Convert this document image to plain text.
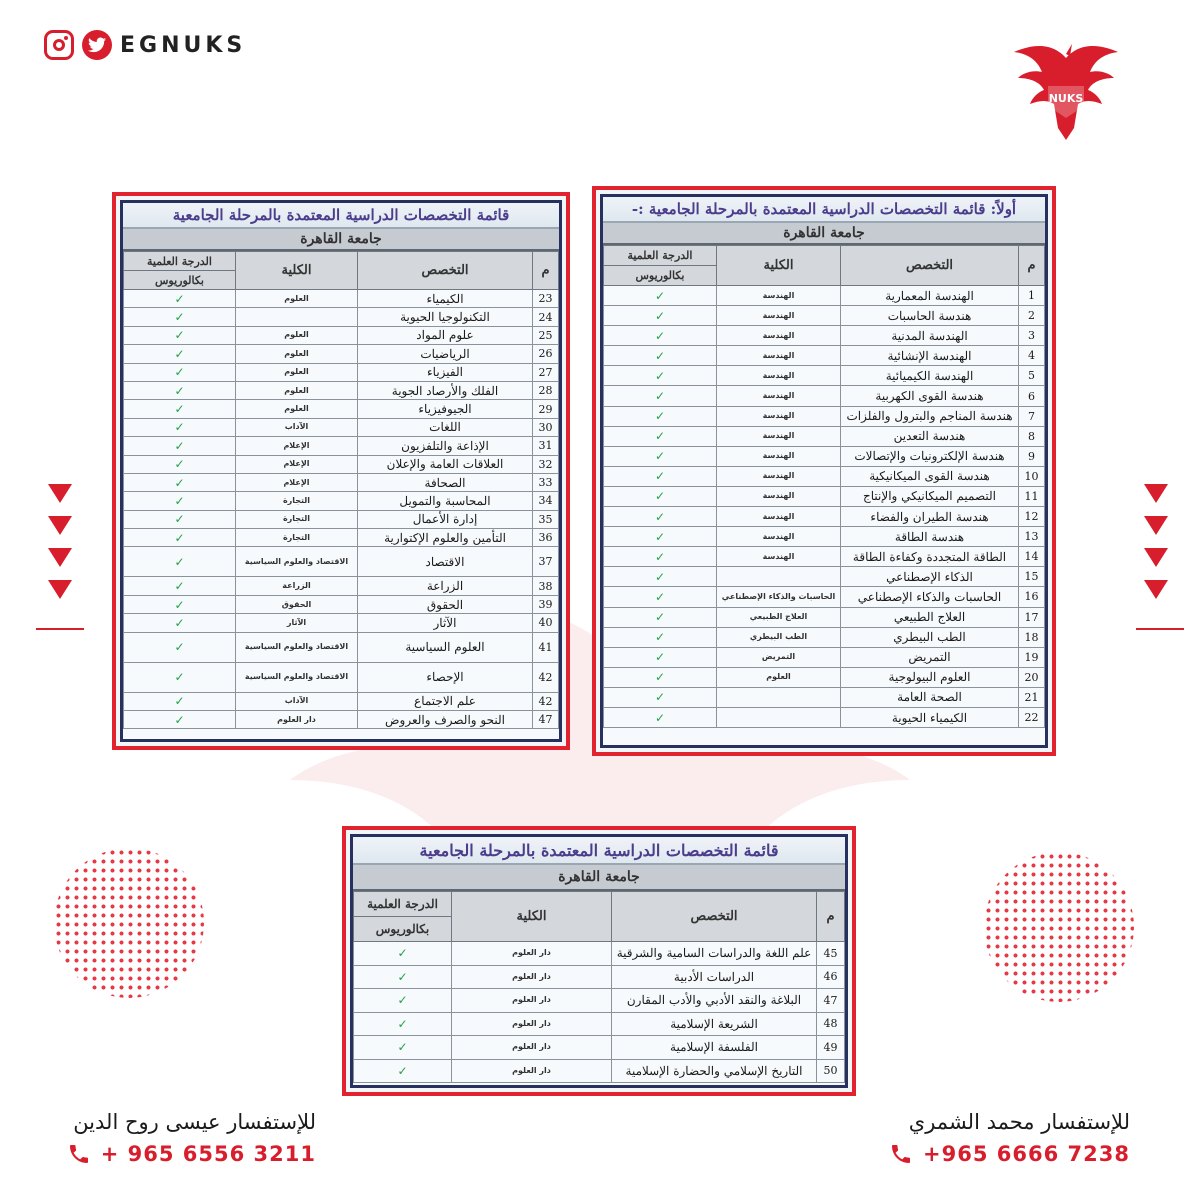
EGNUKS
NUKS
قائمة التخصصات الدراسية المعتمدة بالمرحلة الجامعية
جامعة القاهرة
م	التخصص	الكلية	الدرجة العلمية
			بكالوريوس
23	الكيمياء	العلوم	✓
24	التكنولوجيا الحيوية		✓
25	علوم المواد	العلوم	✓
26	الرياضيات	العلوم	✓
27	الفيزياء	العلوم	✓
28	الفلك والأرصاد الجوية	العلوم	✓
29	الجيوفيزياء	العلوم	✓
30	اللغات	الآداب	✓
31	الإذاعة والتلفزيون	الإعلام	✓
32	العلاقات العامة والإعلان	الإعلام	✓
33	الصحافة	الإعلام	✓
34	المحاسبة والتمويل	التجارة	✓
35	إدارة الأعمال	التجارة	✓
36	التأمين والعلوم الإكتوارية	التجارة	✓
37	الاقتصاد	الاقتصاد والعلوم السياسية	✓
38	الزراعة	الزراعة	✓
39	الحقوق	الحقوق	✓
40	الآثار	الآثار	✓
41	العلوم السياسية	الاقتصاد والعلوم السياسية	✓
42	الإحصاء	الاقتصاد والعلوم السياسية	✓
42	علم الاجتماع	الآداب	✓
47	النحو والصرف والعروض	دار العلوم	✓
أولاً: قائمة التخصصات الدراسية المعتمدة بالمرحلة الجامعية :-
جامعة القاهرة
م	التخصص	الكلية	الدرجة العلمية
			بكالوريوس
1	الهندسة المعمارية	الهندسة	✓
2	هندسة الحاسبات	الهندسة	✓
3	الهندسة المدنية	الهندسة	✓
4	الهندسة الإنشائية	الهندسة	✓
5	الهندسة الكيميائية	الهندسة	✓
6	هندسة القوى الكهربية	الهندسة	✓
7	هندسة المناجم والبترول والفلزات	الهندسة	✓
8	هندسة التعدين	الهندسة	✓
9	هندسة الإلكترونيات والإتصالات	الهندسة	✓
10	هندسة القوى الميكانيكية	الهندسة	✓
11	التصميم الميكانيكي والإنتاج	الهندسة	✓
12	هندسة الطيران والفضاء	الهندسة	✓
13	هندسة الطاقة	الهندسة	✓
14	الطاقة المتجددة وكفاءة الطاقة	الهندسة	✓
15	الذكاء الإصطناعي		✓
16	الحاسبات والذكاء الإصطناعي	الحاسبات والذكاء الإصطناعي	✓
17	العلاج الطبيعي	العلاج الطبيعي	✓
18	الطب البيطري	الطب البيطري	✓
19	التمريض	التمريض	✓
20	العلوم البيولوجية	العلوم	✓
21	الصحة العامة		✓
22	الكيمياء الحيوية		✓
قائمة التخصصات الدراسية المعتمدة بالمرحلة الجامعية
جامعة القاهرة
م	التخصص	الكلية	الدرجة العلمية
			بكالوريوس
45	علم اللغة والدراسات السامية والشرقية	دار العلوم	✓
46	الدراسات الأدبية	دار العلوم	✓
47	البلاغة والنقد الأدبي والأدب المقارن	دار العلوم	✓
48	الشريعة الإسلامية	دار العلوم	✓
49	الفلسفة الإسلامية	دار العلوم	✓
50	التاريخ الإسلامي والحضارة الإسلامية	دار العلوم	✓
للإستفسار عيسى روح الدين
+ 965 6556 3211
للإستفسار محمد الشمري
+965 6666 7238
